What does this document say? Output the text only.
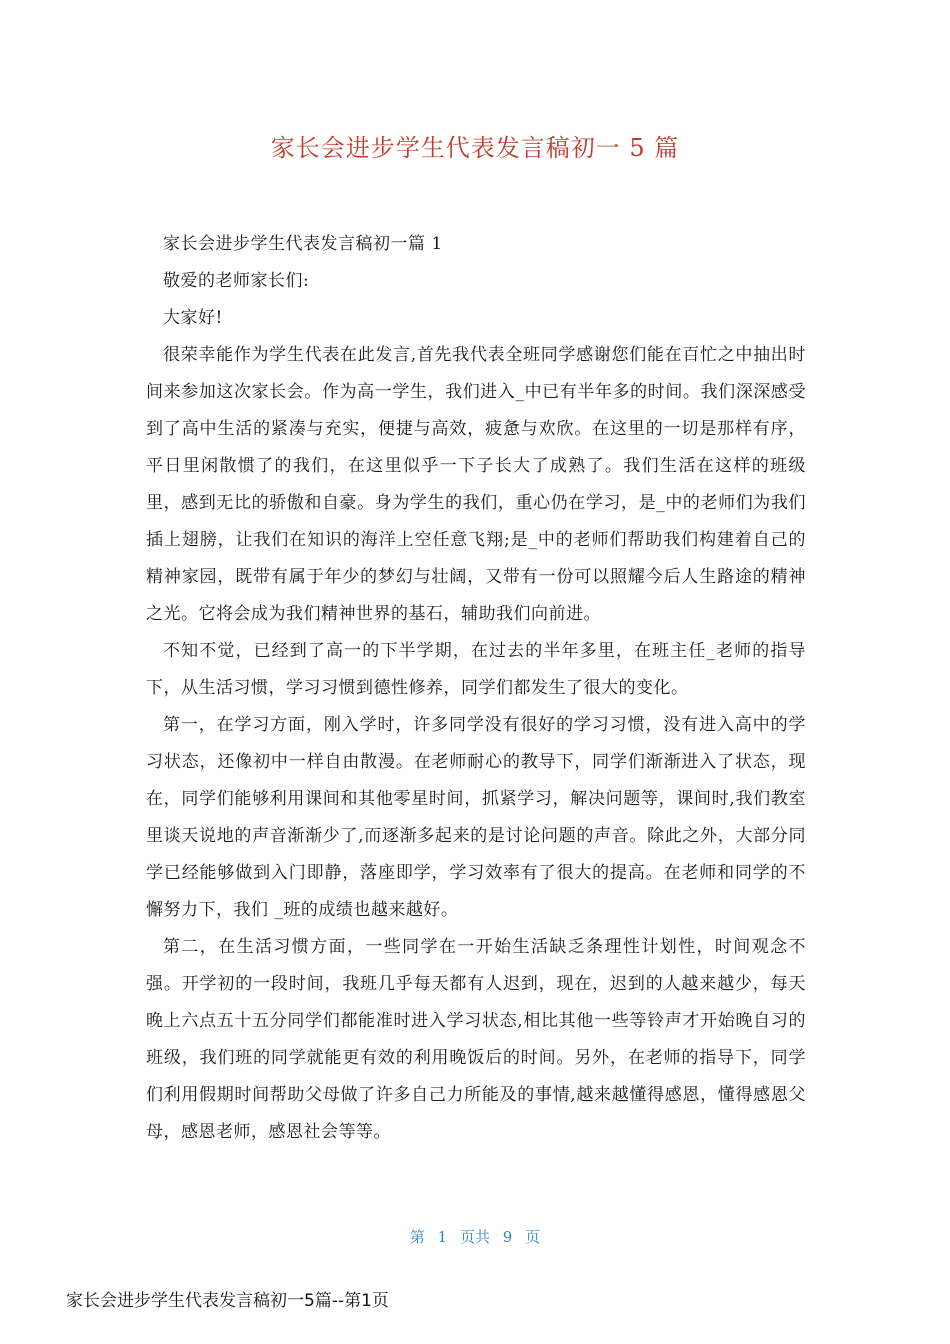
家长会进步学生代表发言稿初一 5 篇

家长会进步学生代表发言稿初一篇 1

敬爱的老师家长们:

大家好!

很荣幸能作为学生代表在此发言,首先我代表全班同学感谢您们能在百忙之中抽出时间来参加这次家长会。作为高一学生，我们进入_中已有半年多的时间。我们深深感受到了高中生活的紧凑与充实，便捷与高效，疲惫与欢欣。在这里的一切是那样有序，平日里闲散惯了的我们，在这里似乎一下子长大了成熟了。我们生活在这样的班级里，感到无比的骄傲和自豪。身为学生的我们，重心仍在学习，是_中的老师们为我们插上翅膀，让我们在知识的海洋上空任意飞翔;是_中的老师们帮助我们构建着自己的精神家园，既带有属于年少的梦幻与壮阔，又带有一份可以照耀今后人生路途的精神之光。它将会成为我们精神世界的基石，辅助我们向前进。

不知不觉，已经到了高一的下半学期，在过去的半年多里，在班主任_老师的指导下，从生活习惯，学习习惯到德性修养，同学们都发生了很大的变化。

第一，在学习方面，刚入学时，许多同学没有很好的学习习惯，没有进入高中的学习状态，还像初中一样自由散漫。在老师耐心的教导下，同学们渐渐进入了状态，现在，同学们能够利用课间和其他零星时间，抓紧学习，解决问题等，课间时,我们教室里谈天说地的声音渐渐少了,而逐渐多起来的是讨论问题的声音。除此之外，大部分同学已经能够做到入门即静，落座即学，学习效率有了很大的提高。在老师和同学的不懈努力下，我们 _班的成绩也越来越好。

第二，在生活习惯方面，一些同学在一开始生活缺乏条理性计划性，时间观念不强。开学初的一段时间，我班几乎每天都有人迟到，现在，迟到的人越来越少，每天晚上六点五十五分同学们都能准时进入学习状态,相比其他一些等铃声才开始晚自习的班级，我们班的同学就能更有效的利用晚饭后的时间。另外，在老师的指导下，同学们利用假期时间帮助父母做了许多自己力所能及的事情,越来越懂得感恩，懂得感恩父母，感恩老师，感恩社会等等。

第 1 页共 9 页
家长会进步学生代表发言稿初一5篇--第1页
